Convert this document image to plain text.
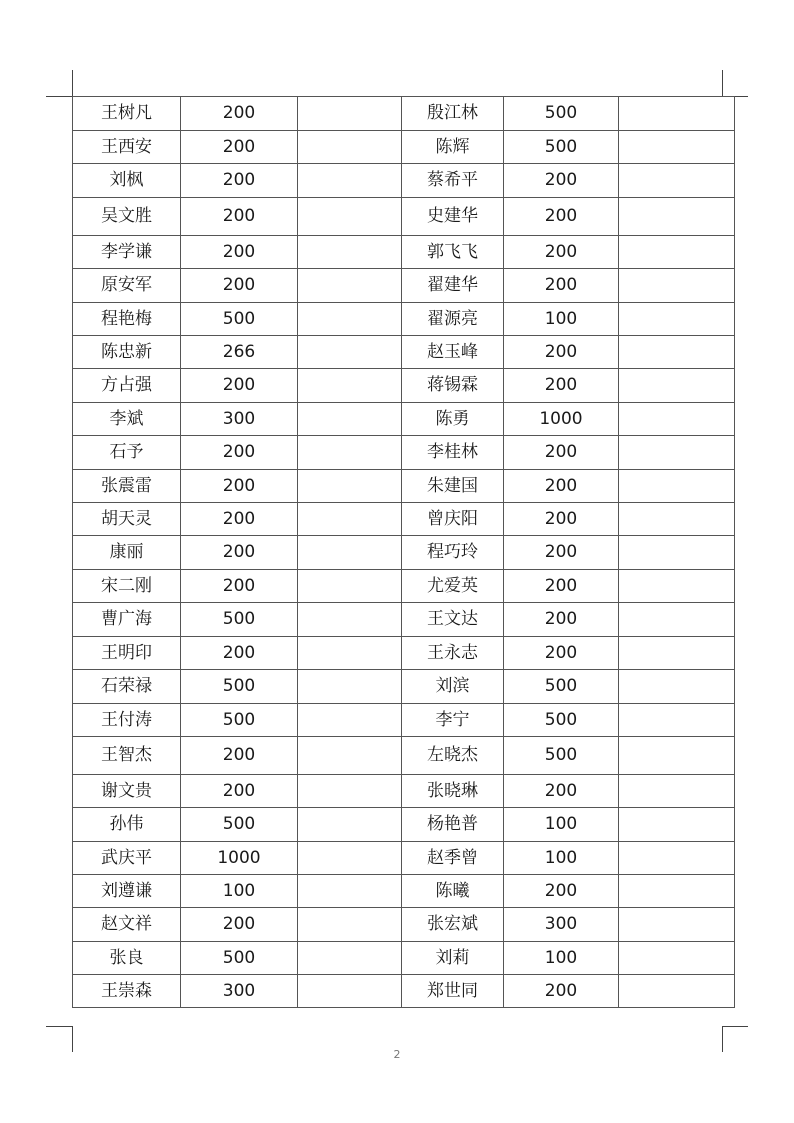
王树凡	200		殷江林	500	
王西安	200		陈辉	500	
刘枫	200		蔡希平	200	
吴文胜	200		史建华	200	
李学谦	200		郭飞飞	200	
原安军	200		翟建华	200	
程艳梅	500		翟源亮	100	
陈忠新	266		赵玉峰	200	
方占强	200		蒋锡霖	200	
李斌	300		陈勇	1000	
石予	200		李桂林	200	
张震雷	200		朱建国	200	
胡天灵	200		曾庆阳	200	
康丽	200		程巧玲	200	
宋二刚	200		尤爱英	200	
曹广海	500		王文达	200	
王明印	200		王永志	200	
石荣禄	500		刘滨	500	
王付涛	500		李宁	500	
王智杰	200		左晓杰	500	
谢文贵	200		张晓琳	200	
孙伟	500		杨艳普	100	
武庆平	1000		赵季曾	100	
刘遵谦	100		陈曦	200	
赵文祥	200		张宏斌	300	
张良	500		刘莉	100	
王崇森	300		郑世同	200	
2
